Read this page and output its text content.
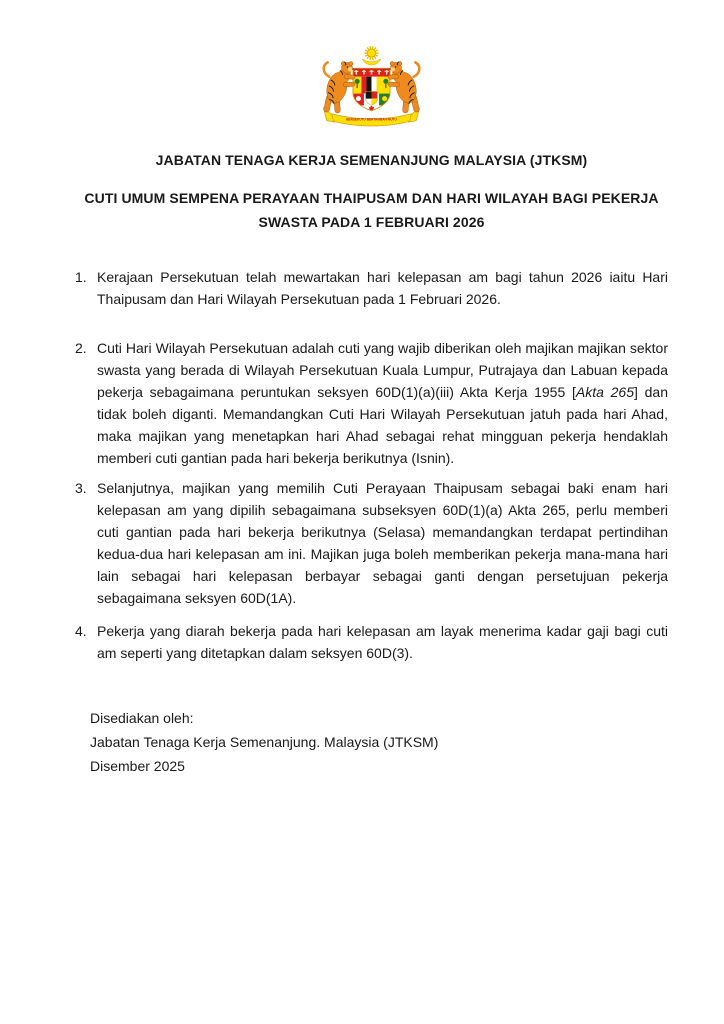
BERSEKUTU BERTAMBAH MUTU
JABATAN TENAGA KERJA SEMENANJUNG MALAYSIA (JTKSM)
CUTI UMUM SEMPENA PERAYAAN THAIPUSAM DAN HARI WILAYAH BAGI PEKERJA SWASTA PADA 1 FEBRUARI 2026
1. Kerajaan Persekutuan telah mewartakan hari kelepasan am bagi tahun 2026 iaitu Hari Thaipusam dan Hari Wilayah Persekutuan pada 1 Februari 2026.

2. Cuti Hari Wilayah Persekutuan adalah cuti yang wajib diberikan oleh majikan majikan sektor swasta yang berada di Wilayah Persekutuan Kuala Lumpur, Putrajaya dan Labuan kepada pekerja sebagaimana peruntukan seksyen 60D(1)(a)(iii) Akta Kerja 1955 [Akta 265] dan tidak boleh diganti. Memandangkan Cuti Hari Wilayah Persekutuan jatuh pada hari Ahad, maka majikan yang menetapkan hari Ahad sebagai rehat mingguan pekerja hendaklah memberi cuti gantian pada hari bekerja berikutnya (Isnin).

3. Selanjutnya, majikan yang memilih Cuti Perayaan Thaipusam sebagai baki enam hari kelepasan am yang dipilih sebagaimana subseksyen 60D(1)(a) Akta 265, perlu memberi cuti gantian pada hari bekerja berikutnya (Selasa) memandangkan terdapat pertindihan kedua-dua hari kelepasan am ini. Majikan juga boleh memberikan pekerja mana-mana hari lain sebagai hari kelepasan berbayar sebagai ganti dengan persetujuan pekerja sebagaimana seksyen 60D(1A).

4. Pekerja yang diarah bekerja pada hari kelepasan am layak menerima kadar gaji bagi cuti am seperti yang ditetapkan dalam seksyen 60D(3).

Disediakan oleh:

Jabatan Tenaga Kerja Semenanjung. Malaysia (JTKSM)

Disember 2025
